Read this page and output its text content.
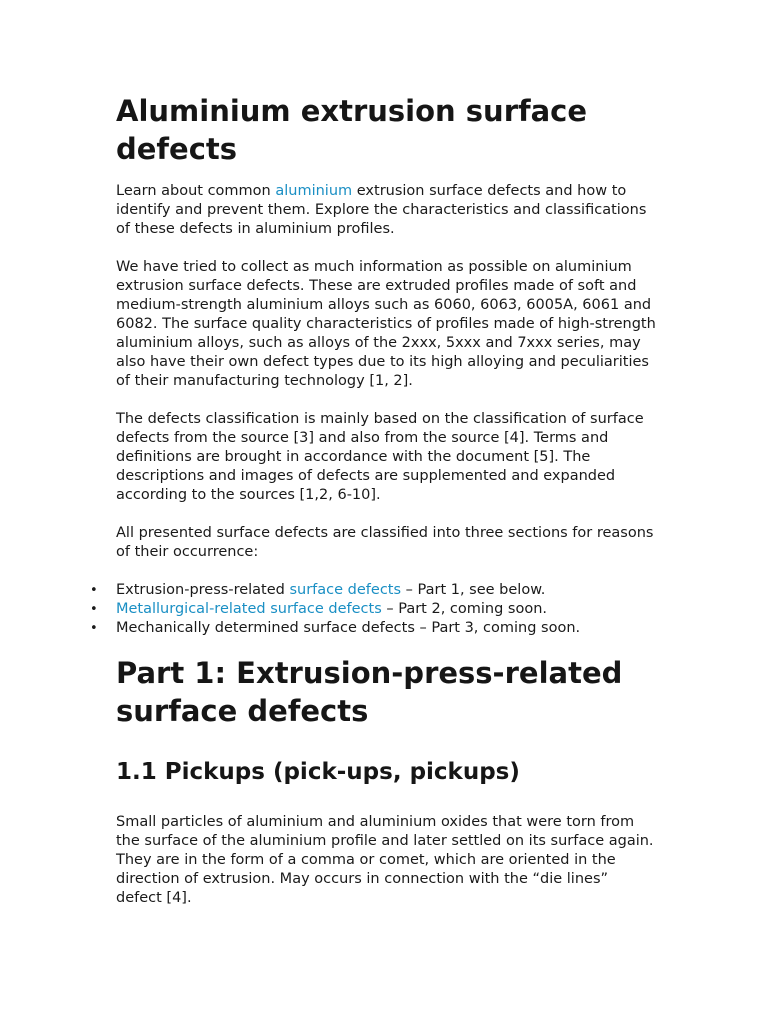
Aluminium extrusion surface defects

Learn about common aluminium extrusion surface defects and how to identify and prevent them. Explore the characteristics and classifications of these defects in aluminium profiles.

We have tried to collect as much information as possible on aluminium extrusion surface defects. These are extruded profiles made of soft and medium-strength aluminium alloys such as 6060, 6063, 6005A, 6061 and 6082. The surface quality characteristics of profiles made of high-strength aluminium alloys, such as alloys of the 2xxx, 5xxx and 7xxx series, may also have their own defect types due to its high alloying and peculiarities of their manufacturing technology [1, 2].

The defects classification is mainly based on the classification of surface defects from the source [3] and also from the source [4]. Terms and definitions are brought in accordance with the document [5]. The descriptions and images of defects are supplemented and expanded according to the sources [1,2, 6-10].

All presented surface defects are classified into three sections for reasons of their occurrence:

• Extrusion-press-related surface defects – Part 1, see below.
• Metallurgical-related surface defects – Part 2, coming soon.
• Mechanically determined surface defects – Part 3, coming soon.
Part 1: Extrusion-press-related surface defects
1.1 Pickups (pick-ups, pickups)

Small particles of aluminium and aluminium oxides that were torn from the surface of the aluminium profile and later settled on its surface again. They are in the form of a comma or comet, which are oriented in the direction of extrusion. May occurs in connection with the “die lines” defect [4].
